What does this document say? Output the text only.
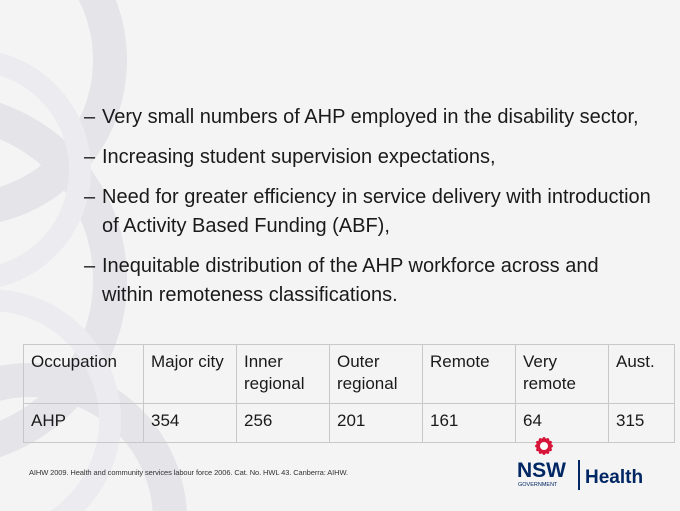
– Very small numbers of AHP employed in the disability sector,
– Increasing student supervision expectations,
– Need for greater efficiency in service delivery with introduction of Activity Based Funding (ABF),
– Inequitable distribution of the AHP workforce across and within remoteness classifications.
Occupation	Major city	Inner regional	Outer regional	Remote	Very remote	Aust.
AHP	354	256	201	161	64	315
AIHW 2009. Health and community services labour force 2006. Cat. No. HWL 43. Canberra: AIHW.	NSW
GOVERNMENT Health
